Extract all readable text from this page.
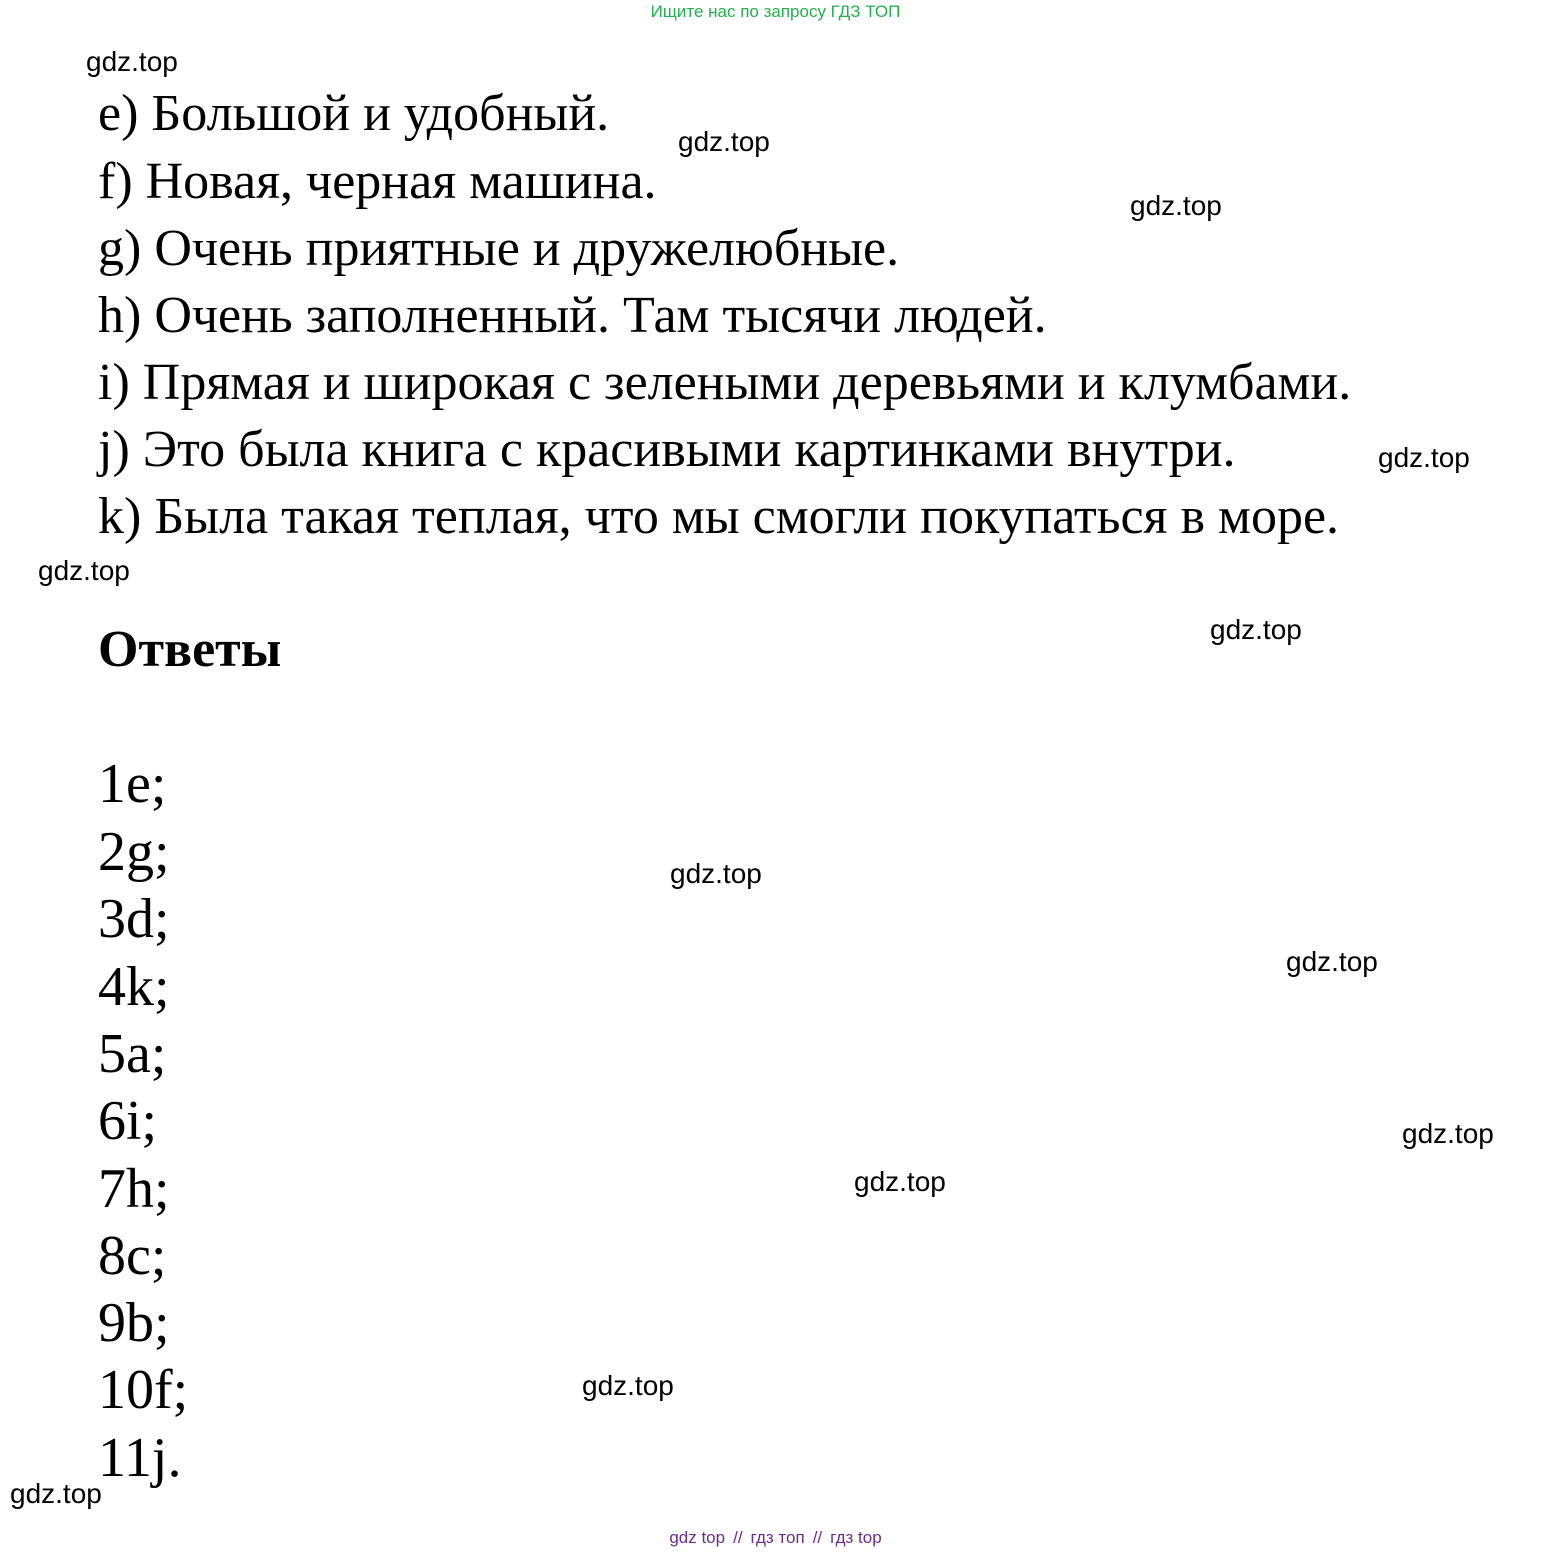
Ищите нас по запросу ГДЗ ТОП
gdz.top
e) Большой и удобный. gdz.top
f) Новая, черная машина.	gdz.top
g) Очень приятные и дружелюбные.
h) Очень заполненный. Там тысячи людей.
i) Прямая и широкая с зелеными деревьями и клумбами.
j) Это была книга с красивыми картинками внутри.	gdz.top
k) Была такая теплая, что мы смогли покупаться в море.
gdz.top
Ответы	gdz.top
1e;
2g;	gdz.top
3d;
gdz.top
4k;
5a;
6i;	gdz.top
7h;	gdz.top
8c;
9b;
10f;	gdz.top
11j.
gdz.top
gdz top // гдз топ // гдз top
